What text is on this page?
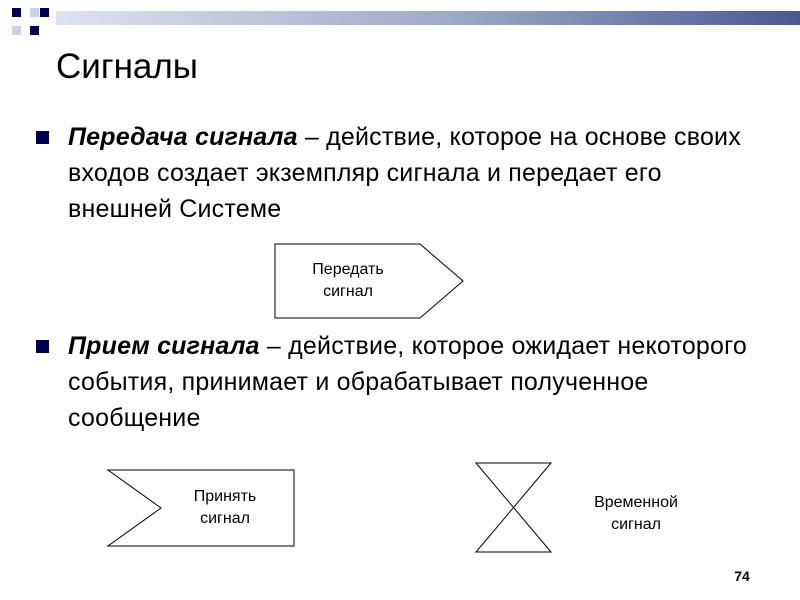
Сигналы
Передача сигнала – действие, которое на основе своих входов создает экземпляр сигнала и передает его внешней Системе
Передать
сигнал
Прием сигнала – действие, которое ожидает некоторого события, принимает и обрабатывает полученное сообщение
Принять
сигнал
Временной
сигнал
74
